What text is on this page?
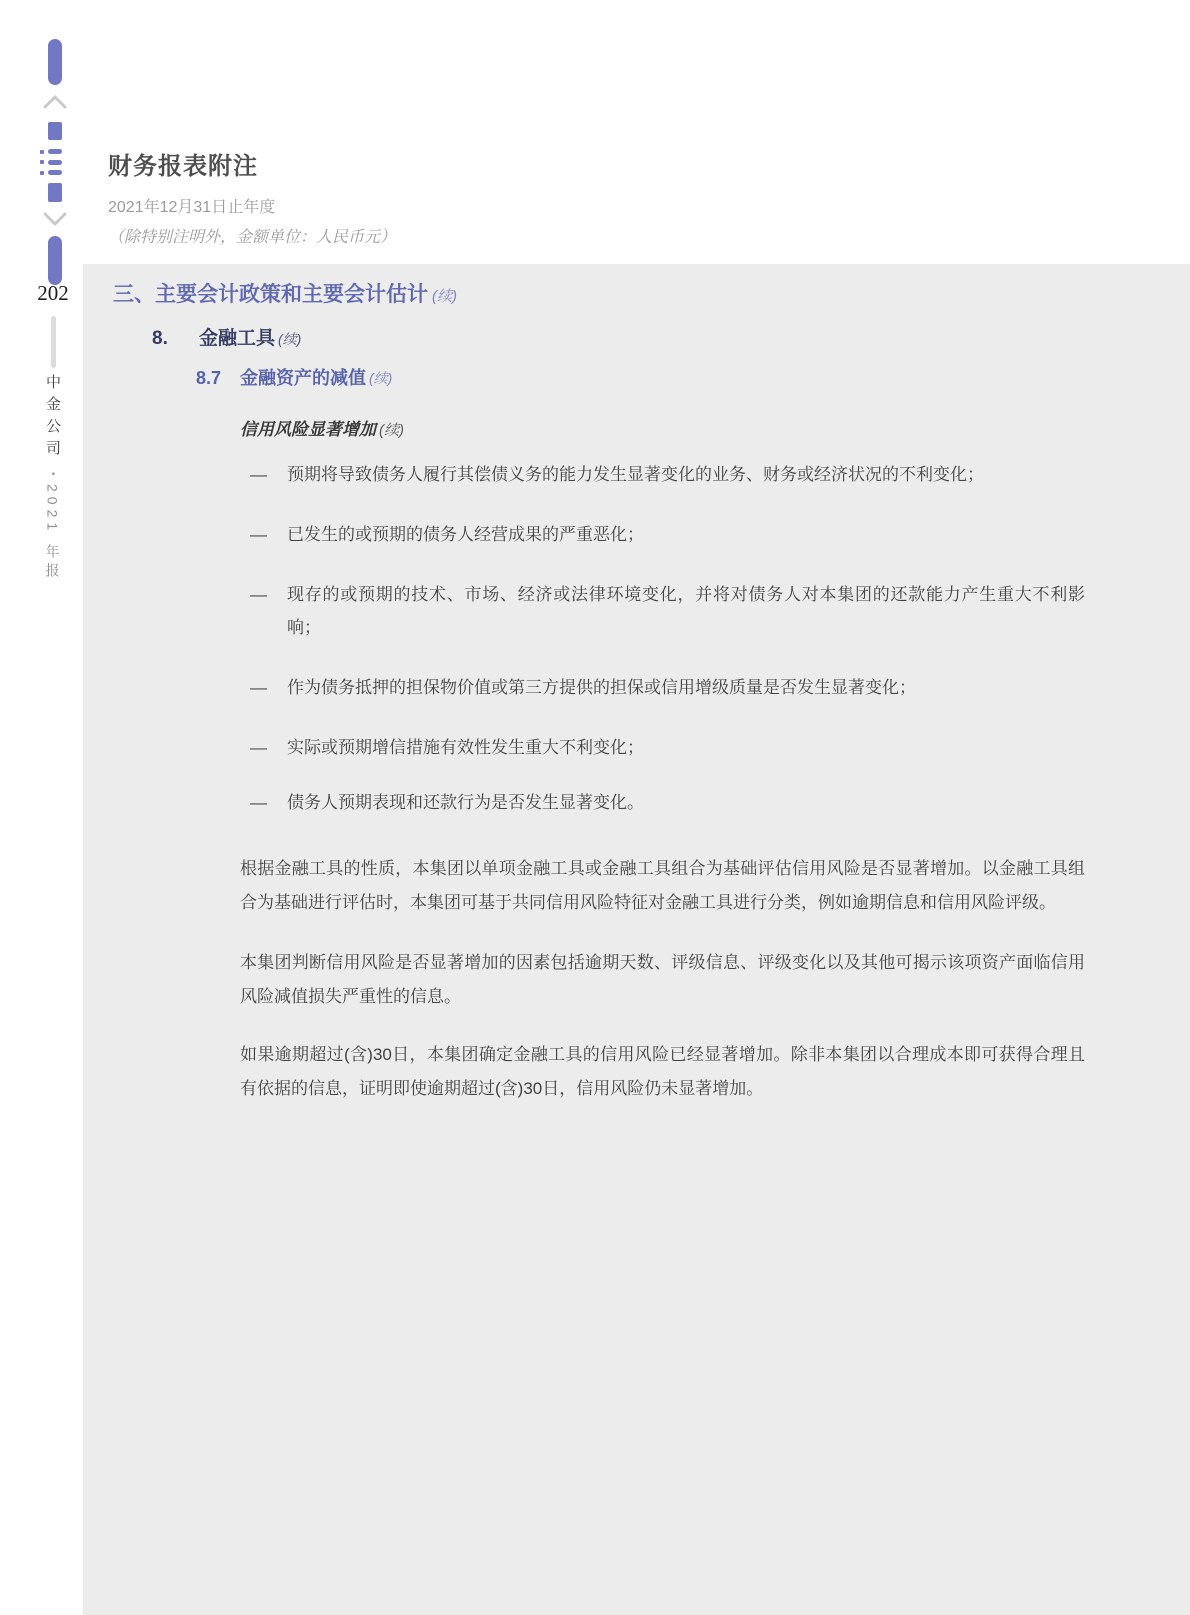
202
中金公司
•
2021 年报
财务报表附注
2021年12月31日止年度
（除特别注明外，金额单位：人民币元）
三、主要会计政策和主要会计估计 (续)
8.	金融工具 (续)
8.7	金融资产的减值 (续)
信用风险显著增加 (续)
—	预期将导致债务人履行其偿债义务的能力发生显著变化的业务、财务或经济状况的不利变化；
—	已发生的或预期的债务人经营成果的严重恶化；
—	现存的或预期的技术、市场、经济或法律环境变化，并将对债务人对本集团的还款能力产生重大不利影响；
—	作为债务抵押的担保物价值或第三方提供的担保或信用增级质量是否发生显著变化；
—	实际或预期增信措施有效性发生重大不利变化；
—	债务人预期表现和还款行为是否发生显著变化。
根据金融工具的性质，本集团以单项金融工具或金融工具组合为基础评估信用风险是否显著增加。以金融工具组合为基础进行评估时，本集团可基于共同信用风险特征对金融工具进行分类，例如逾期信息和信用风险评级。
本集团判断信用风险是否显著增加的因素包括逾期天数、评级信息、评级变化以及其他可揭示该项资产面临信用风险减值损失严重性的信息。
如果逾期超过(含)30日，本集团确定金融工具的信用风险已经显著增加。除非本集团以合理成本即可获得合理且有依据的信息，证明即使逾期超过(含)30日，信用风险仍未显著增加。
